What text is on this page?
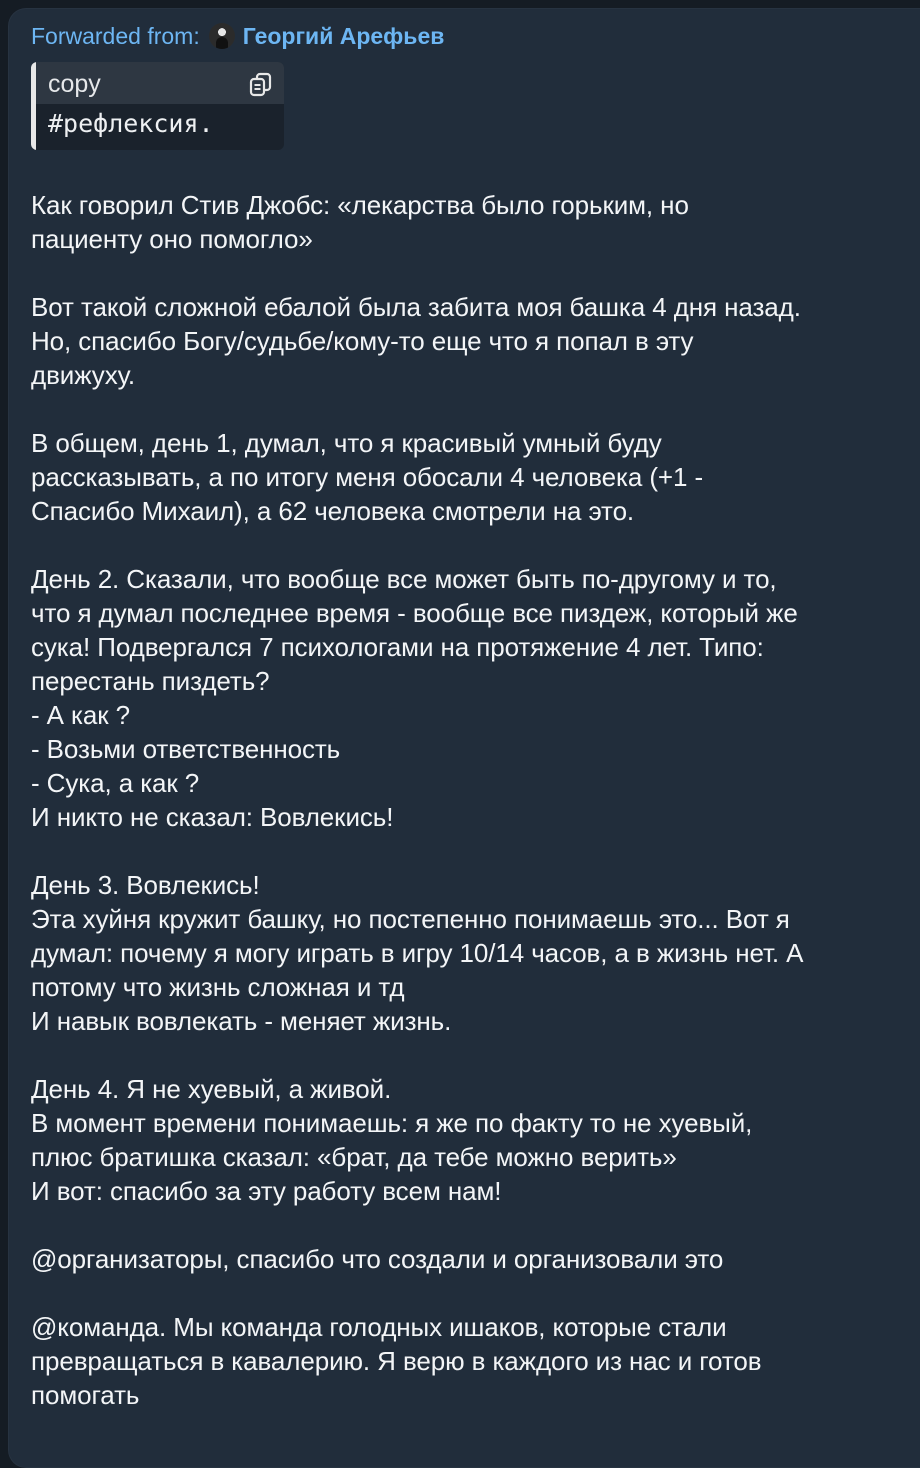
Forwarded from: Георгий Арефьев
copy
#рефлексия.

Как говорил Стив Джобс: «лекарства было горьким, но

пациенту оно помогло»

Вот такой сложной ебалой была забита моя башка 4 дня назад.

Но, спасибо Богу/судьбе/кому-то еще что я попал в эту

движуху.

В общем, день 1, думал, что я красивый умный буду

рассказывать, а по итогу меня обосали 4 человека (+1 -

Спасибо Михаил), а 62 человека смотрели на это.

День 2. Сказали, что вообще все может быть по-другому и то,

что я думал последнее время - вообще все пиздеж, который же

сука! Подвергался 7 психологами на протяжение 4 лет. Типо:

перестань пиздеть?

- А как ?

- Возьми ответственность

- Сука, а как ?

И никто не сказал: Вовлекись!

День 3. Вовлекись!

Эта хуйня кружит башку, но постепенно понимаешь это... Вот я

думал: почему я могу играть в игру 10/14 часов, а в жизнь нет. А

потому что жизнь сложная и тд

И навык вовлекать - меняет жизнь.

День 4. Я не хуевый, а живой.

В момент времени понимаешь: я же по факту то не хуевый,

плюс братишка сказал: «брат, да тебе можно верить»

И вот: спасибо за эту работу всем нам!

@организаторы, спасибо что создали и организовали это

@команда. Мы команда голодных ишаков, которые стали

превращаться в кавалерию. Я верю в каждого из нас и готов

помогать
